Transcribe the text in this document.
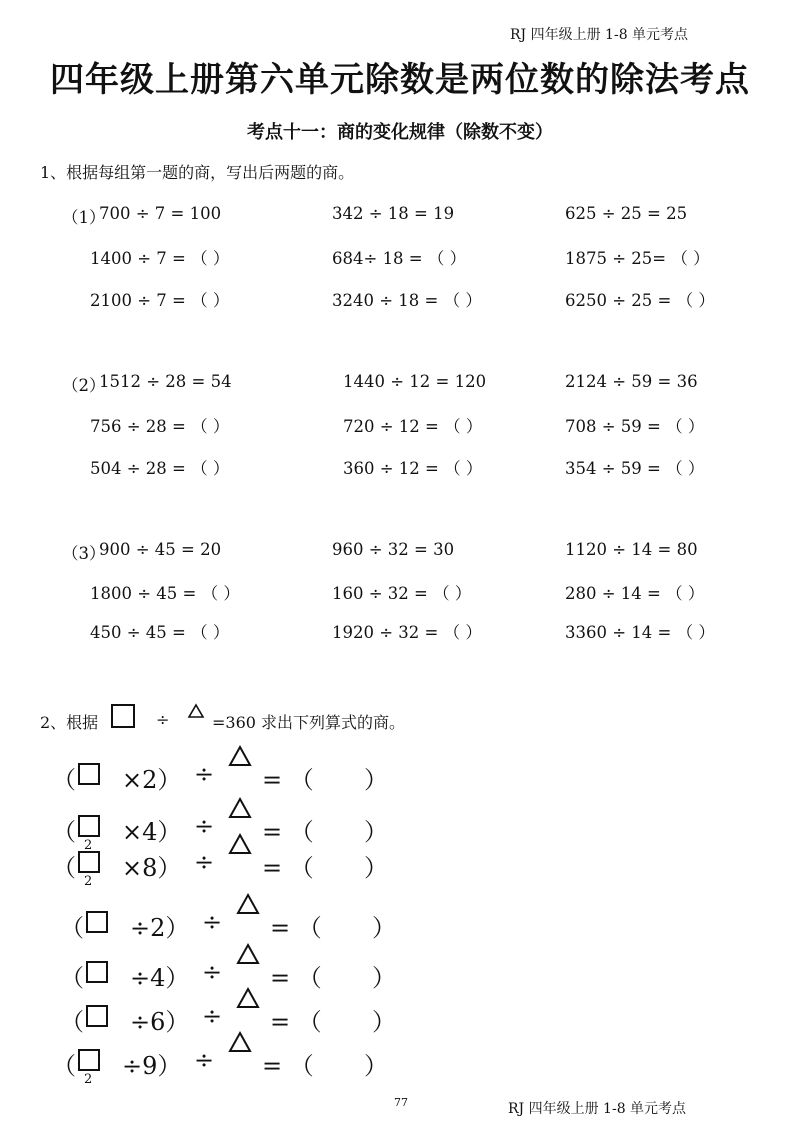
RJ 四年级上册 1-8 单元考点
四年级上册第六单元除数是两位数的除法考点
考点十一：商的变化规律（除数不变）
1、根据每组第一题的商，写出后两题的商。
（1）
700 ÷ 7 = 100	342 ÷ 18 = 19	625 ÷ 25 = 25
1400 ÷ 7 = （ ）	684÷ 18 = （ ）	1875 ÷ 25= （ ）
2100 ÷ 7 = （ ）	3240 ÷ 18 = （ ）	6250 ÷ 25 = （ ）
（2）
1512 ÷ 28 = 54	1440 ÷ 12 = 120	2124 ÷ 59 = 36
756 ÷ 28 = （ ）	720 ÷ 12 = （ ）	708 ÷ 59 = （ ）
504 ÷ 28 = （ ）	360 ÷ 12 = （ ）	354 ÷ 59 = （ ）
（3）
900 ÷ 45 = 20	960 ÷ 32 = 30	1120 ÷ 14 = 80
1800 ÷ 45 = （ ）	160 ÷ 32 = （ ）	280 ÷ 14 = （ ）
450 ÷ 45 = （ ）	1920 ÷ 32 = （ ）	3360 ÷ 14 = （ ）
2、根据	÷	=360 求出下列算式的商。
（ ×2） ÷ = （ ）
（ 2 ×4） ÷ = （ ）
（ 2 ×8） ÷ = （ ）
（ ÷2） ÷ = （ ）
（ ÷4） ÷ = （ ）
（ ÷6） ÷ = （ ）
（ 2 ÷9） ÷ = （ ）
77	RJ 四年级上册 1-8 单元考点
